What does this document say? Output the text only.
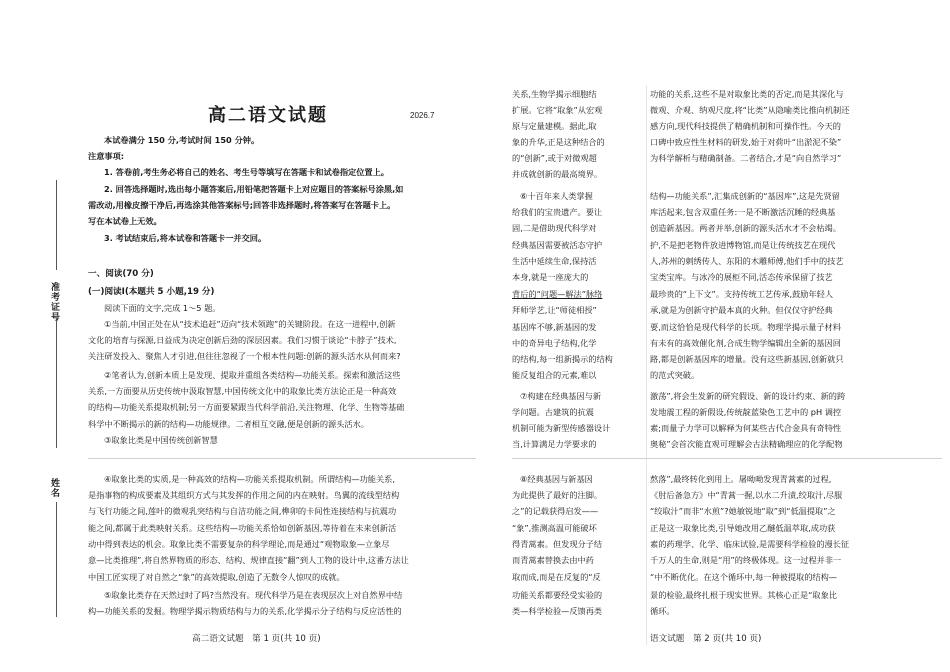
准考证号
姓名
高二语文试题	2026.7
本试卷满分 150 分,考试时间 150 分钟。
注意事项:
1. 答卷前,考生务必将自己的姓名、考生号等填写在答题卡和试卷指定位置上。
2. 回答选择题时,选出每小题答案后,用铅笔把答题卡上对应题目的答案标号涂黑,如
需改动,用橡皮擦干净后,再选涂其他答案标号;回答非选择题时,将答案写在答题卡上。
写在本试卷上无效。
3. 考试结束后,将本试卷和答题卡一并交回。
一、阅读(70 分)
(一)阅读Ⅰ(本题共 5 小题,19 分)
阅读下面的文字,完成 1～5 题。
①当前,中国正处在从“技术追赶”迈向“技术领跑”的关键阶段。在这一进程中,创新
文化的培育与探源,日益成为决定创新后劲的深层因素。我们习惯于谈论“卡脖子”技术,
关注研发投入、聚焦人才引进,但往往忽视了一个根本性问题:创新的源头活水从何而来?
②笔者认为,创新本质上是发现、提取并重组各类结构—功能关系。探索和激活这些
关系,一方面要从历史传统中汲取智慧,中国传统文化中的取象比类方法论正是一种高效
的结构—功能关系提取机制;另一方面要紧跟当代科学前沿,关注物理、化学、生物等基础
科学中不断揭示的新的结构—功能规律。二者相互交融,便是创新的源头活水。
③取象比类是中国传统创新智慧
④取象比类的实质,是一种高效的结构—功能关系提取机制。所谓结构—功能关系,
是指事物的构成要素及其组织方式与其发挥的作用之间的内在映射。鸟翼的流线型结构
与飞行功能之间,莲叶的微观乳突结构与自洁功能之间,榫卯的卡间性连接结构与抗震功
能之间,都属于此类映射关系。这些结构—功能关系恰如创新基因,等待着在未来创新活
动中得到表达的机会。取象比类不需要复杂的科学理论,而是通过“观物取象—立象尽
意—比类推理”,将自然界物质的形态、结构、规律直接“翻”到人工物的设计中,这番方法让
中国工匠实现了对自然之“象”的高效提取,创造了无数令人惊叹的成就。
⑤取象比类存在天然过时了吗?当然没有。现代科学乃是在表现层次上对自然界中结
构—功能关系的发掘。物理学揭示物质结构与力的关系,化学揭示分子结构与反应活性的
高二语文试题　第 1 页(共 10 页)
关系,生物学揭示细胞结
扩展。它将“取象”从宏观
原与定量建模。据此,取
象的升华,正是这种结合的
的“创新”,或于对微观超
并成就创新的最高境界。
⑥十百年来人类掌握
给我们的宝贵遗产。要让
固,二是借助现代科学对
经典基因需要被活态守护
生活中延续生命,保持活
本身,就是一座庞大的
背后的“问题—解法”脉络
拜师学艺,让“师徒相授”
基因库不够,新基因的发
中的奇异电子结构,化学
的结构,每一组新揭示的结构
能反复组合的元素,难以
⑦构建在经典基因与新
学问题。古建筑的抗震
机制可能为新型传感器设计
当,计算满足力学要求的
⑧经典基因与新基因
为此提供了最好的注脚。
之”的记载获得启发——
“象”,推测高温可能破坏
得青蒿素。但发现分子结
而青蒿素替换去由中药
取而成,而是在反复的“反
功能关系都要经受实验的
类—科学检验—反馈再类
功能的关系,这些不是对取象比类的否定,而是其深化与
微观、介观、纳观尺度,将“比类”从隐喻类比推向机制还
感方向,现代科技提供了精确机制和可操作性。今天的
口碑中致应性生材料的研发,始于对荷叶“出淤泥不染”
为科学解析与精确制备。二者结合,才是“向自然学习”
结构—功能关系”,汇集成创新的“基因库”,这是先贤留
库活起来,包含双重任务:一是不断激活沉睡的经典基
创造新基因。两者并举,创新的源头活水才不会枯竭。
护,不是把老物件放进博物馆,而是让传统技艺在现代
人,苏州的刺绣传人、东阳的木雕师傅,他们手中的技艺
宝类宝库。与冰冷的展柜不同,活态传承保留了技艺
最珍贵的“上下文”。支持传统工艺传承,鼓励年轻人
承,就是为创新守护最本真的火种。但仅仅守护经典
要,而这恰恰是现代科学的长项。物理学揭示量子材料
有未有的高效催化剂,合成生物学编辑出全新的基因回
路,都是创新基因库的增量。没有这些新基因,创新就只
的范式突破。
激荡”,将会生发新的研究假设、新的设计约束、新的跨
发地震工程的新假设,传统靛蓝染色工艺中的 pH 调控
素;而量子力学可以解释为何某些古代合金具有奇特性
奥秘”会首次能直观可理解会古法精确理应的化学配物
熬落”,最终转化到用上。屠呦呦发现青蒿素的过程,
《肘后备急方》中“青蒿一握,以水二升渍,绞取汁,尽服
“绞取汁”而非“水煎”?她敏锐地“取”到“低温提取”之
正是这一取象比类,引导她改用乙醚低温萃取,成功获
素的药理学、化学、临床试验,是需要科学检验的漫长征
千万人的生命,则是“用”的终极体现。这一过程并非一
“中不断优化。在这个循环中,每一种被提取的结构—
景的检验,最终扎根于现实世界。其核心正是“取象比
循环。
语文试题　第 2 页(共 10 页)
